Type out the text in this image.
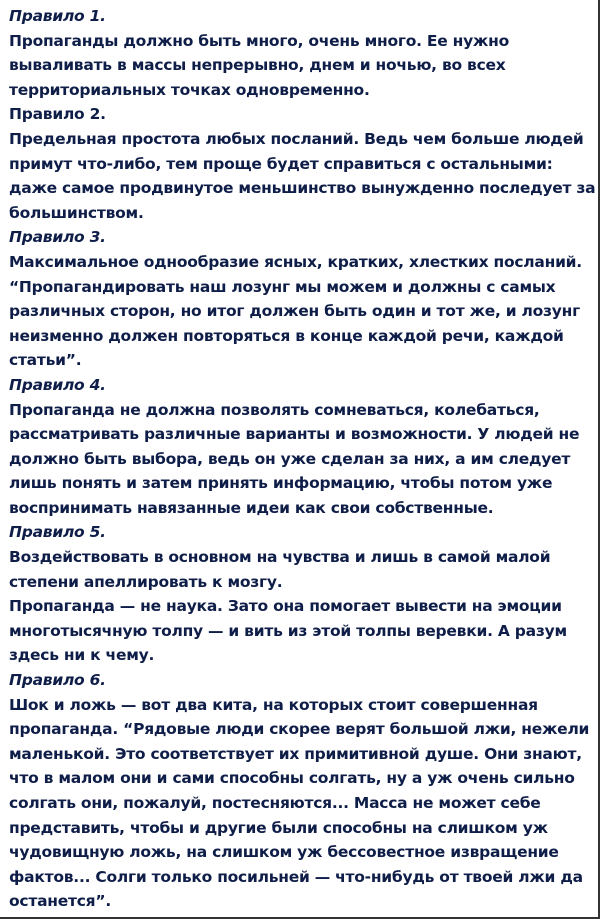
Правило 1.
Пропаганды должно быть много, очень много. Ее нужно
вываливать в массы непрерывно, днем и ночью, во всех
территориальных точках одновременно.
Правило 2.
Предельная простота любых посланий. Ведь чем больше людей
примут что-либо, тем проще будет справиться с остальными:
даже самое продвинутое меньшинство вынужденно последует за
большинством.
Правило 3.
Максимальное однообразие ясных, кратких, хлестких посланий.
“Пропагандировать наш лозунг мы можем и должны с самых
различных сторон, но итог должен быть один и тот же, и лозунг
неизменно должен повторяться в конце каждой речи, каждой
статьи”.
Правило 4.
Пропаганда не должна позволять сомневаться, колебаться,
рассматривать различные варианты и возможности. У людей не
должно быть выбора, ведь он уже сделан за них, а им следует
лишь понять и затем принять информацию, чтобы потом уже
воспринимать навязанные идеи как свои собственные.
Правило 5.
Воздействовать в основном на чувства и лишь в самой малой
степени апеллировать к мозгу.
Пропаганда — не наука. Зато она помогает вывести на эмоции
многотысячную толпу — и вить из этой толпы веревки. А разум
здесь ни к чему.
Правило 6.
Шок и ложь — вот два кита, на которых стоит совершенная
пропаганда. “Рядовые люди скорее верят большой лжи, нежели
маленькой. Это соответствует их примитивной душе. Они знают,
что в малом они и сами способны солгать, ну а уж очень сильно
солгать они, пожалуй, постесняются... Масса не может себе
представить, чтобы и другие были способны на слишком уж
чудовищную ложь, на слишком уж бессовестное извращение
фактов... Солги только посильней — что-нибудь от твоей лжи да
останется”.
